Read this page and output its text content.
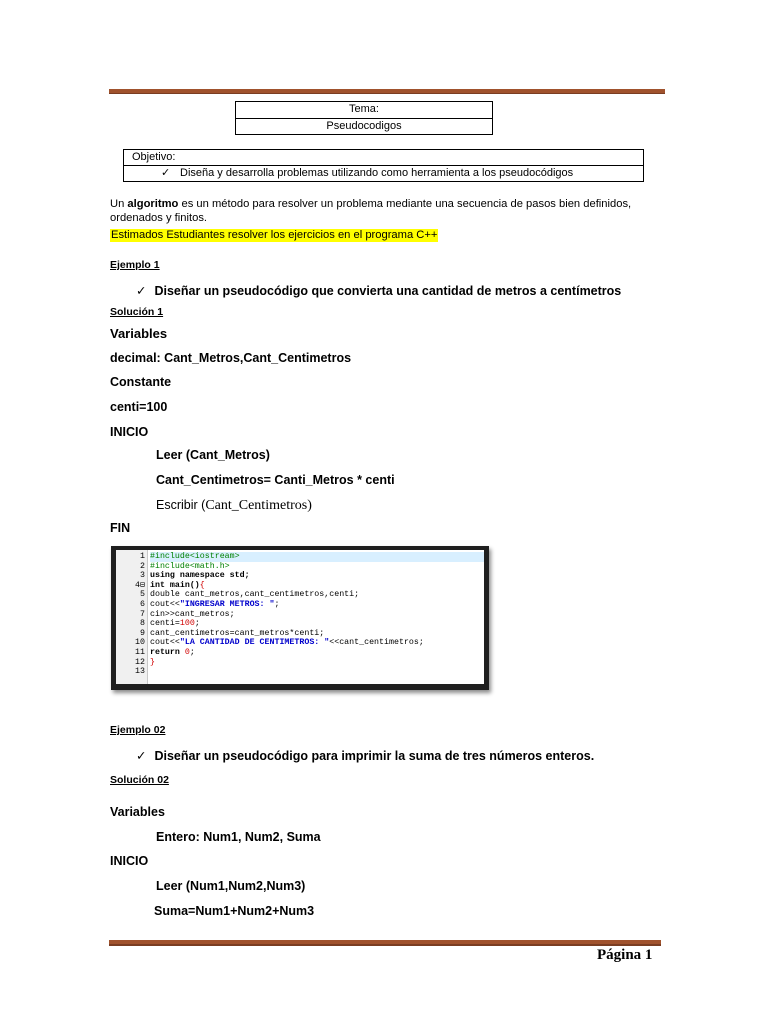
Tema:
Pseudocodigos
Objetivo:
✓ Diseña y desarrolla problemas utilizando como herramienta a los pseudocódigos

Un algoritmo es un método para resolver un problema mediante una secuencia de pasos bien definidos, ordenados y finitos.

Estimados Estudiantes resolver los ejercicios en el programa C++
Ejemplo 1
✓ Diseñar un pseudocódigo que convierta una cantidad de metros a centímetros
Solución 1
Variables
decimal: Cant_Metros,Cant_Centimetros
Constante
centi=100
INICIO
Leer (Cant_Metros)
Cant_Centimetros= Canti_Metros * centi
Escribir (Cant_Centimetros)
FIN
1
2
3
4⊟
5
6
7
8
9
10
11
12
13
#include<iostream>
#include<math.h>
using namespace std;
int main(){
double cant_metros,cant_centimetros,centi;
cout<<"INGRESAR METROS: ";
cin>>cant_metros;
centi=100;
cant_centimetros=cant_metros*centi;
cout<<"LA CANTIDAD DE CENTIMETROS: "<<cant_centimetros;
return 0;
}
Ejemplo 02
✓ Diseñar un pseudocódigo para imprimir la suma de tres números enteros.
Solución 02
Variables
Entero: Num1, Num2, Suma
INICIO
Leer (Num1,Num2,Num3)
Suma=Num1+Num2+Num3
Página 1
